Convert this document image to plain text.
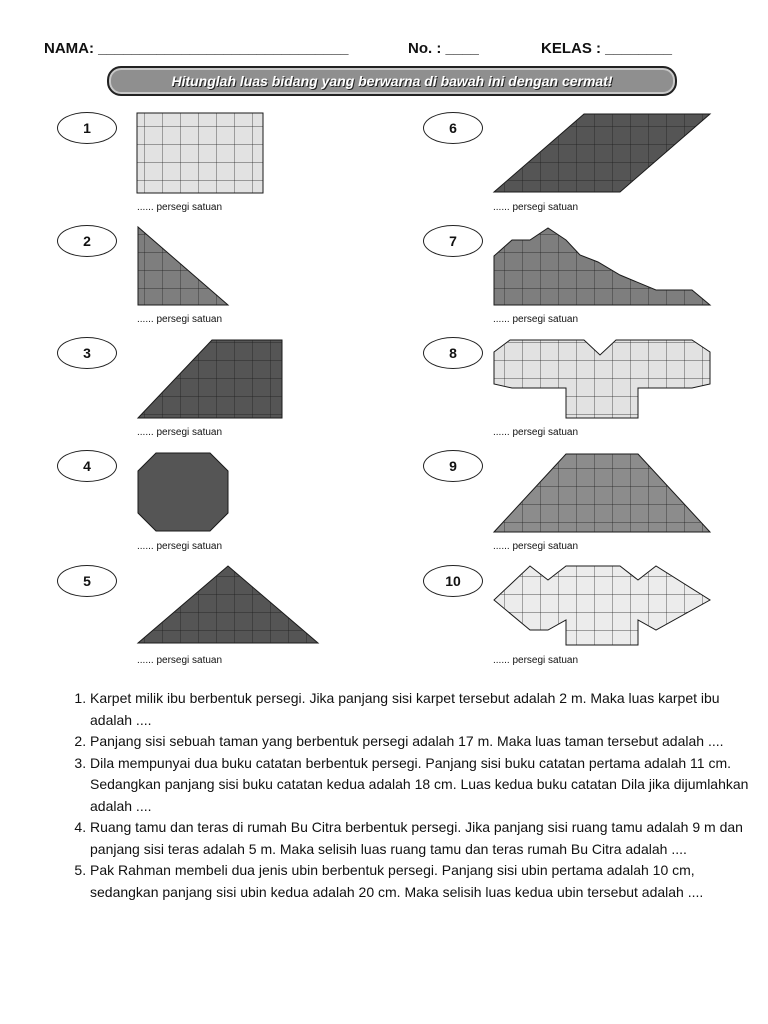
NAMA: ______________________________	No. : ____	KELAS : ________
Hitunglah luas bidang yang berwarna di bawah ini dengan cermat!
1
2
3
4
5
6
7
8
9
10
...... persegi satuan
...... persegi satuan
...... persegi satuan
...... persegi satuan
...... persegi satuan
...... persegi satuan
...... persegi satuan
...... persegi satuan
...... persegi satuan
...... persegi satuan
1. Karpet milik ibu berbentuk persegi. Jika panjang sisi karpet tersebut adalah 2 m. Maka luas karpet ibu adalah ....
2. Panjang sisi sebuah taman yang berbentuk persegi adalah 17 m. Maka luas taman tersebut adalah ....
3. Dila mempunyai dua buku catatan berbentuk persegi. Panjang sisi buku catatan pertama adalah 11 cm. Sedangkan panjang sisi buku catatan kedua adalah 18 cm. Luas kedua buku catatan Dila jika dijumlahkan adalah ....
4. Ruang tamu dan teras di rumah Bu Citra berbentuk persegi. Jika panjang sisi ruang tamu adalah 9 m dan panjang sisi teras adalah 5 m. Maka selisih luas ruang tamu dan teras rumah Bu Citra adalah ....
5. Pak Rahman membeli dua jenis ubin berbentuk persegi. Panjang sisi ubin pertama adalah 10 cm, sedangkan panjang sisi ubin kedua adalah 20 cm. Maka selisih luas kedua ubin tersebut adalah ....
